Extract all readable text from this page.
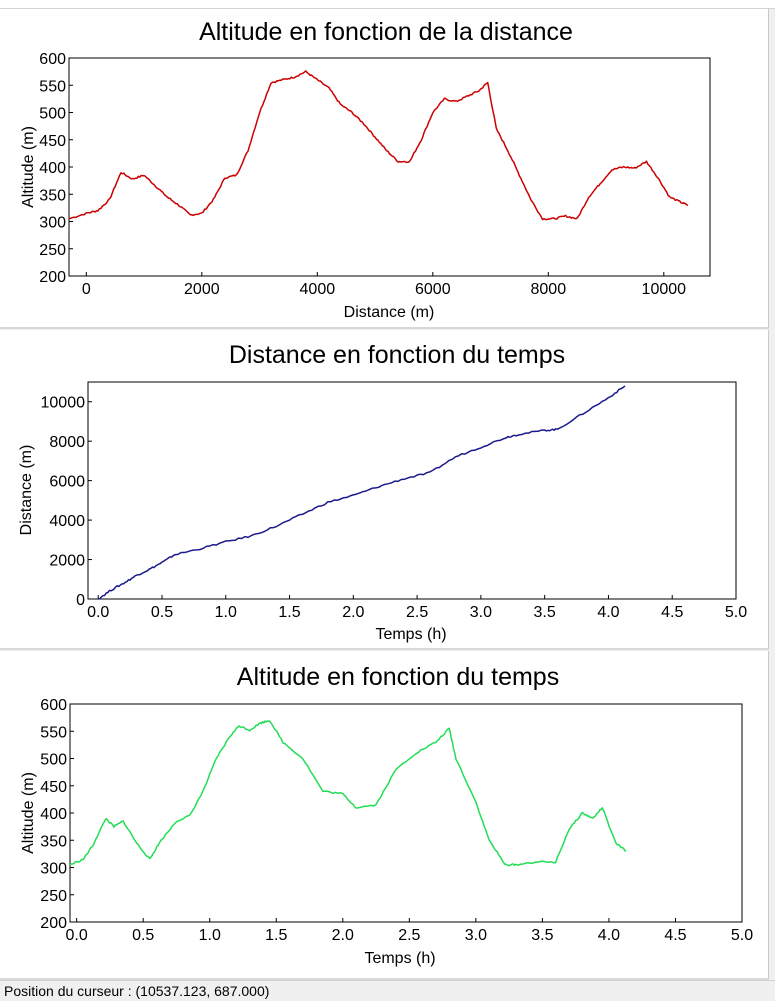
Altitude en fonction de la distance
0	2000	4000	6000	8000	10000
200
250
300
350
400
450
500
550
600
Distance (m)
Altitude (m)
Distance en fonction du temps
0.0	0.5	1.0	1.5	2.0	2.5	3.0	3.5	4.0	4.5	5.0
0
2000
4000
6000
8000
10000
Temps (h)
Distance (m)
Altitude en fonction du temps
0.0	0.5	1.0	1.5	2.0	2.5	3.0	3.5	4.0	4.5	5.0
200
250
300
350
400
450
500
550
600
Temps (h)
Altitude (m)
Position du curseur : (10537.123, 687.000)
